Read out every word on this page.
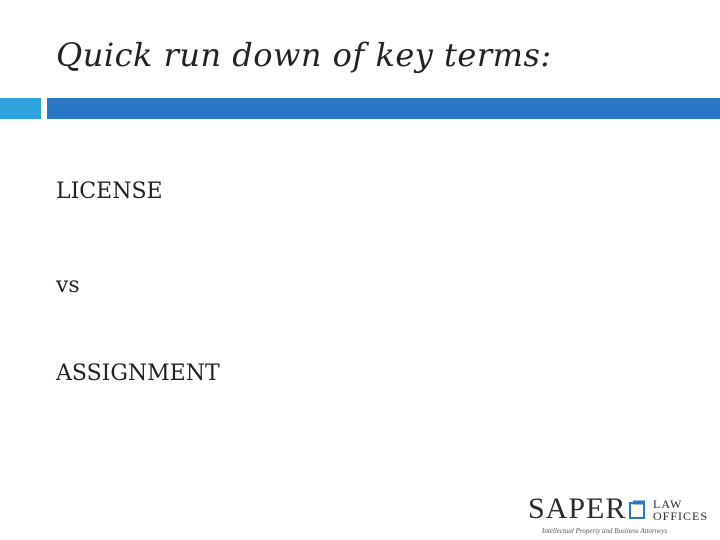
Quick run down of key terms:

LICENSE

vs

ASSIGNMENT

SAPER LAW
OFFICES
Intellectual Property and Business Attorneys
